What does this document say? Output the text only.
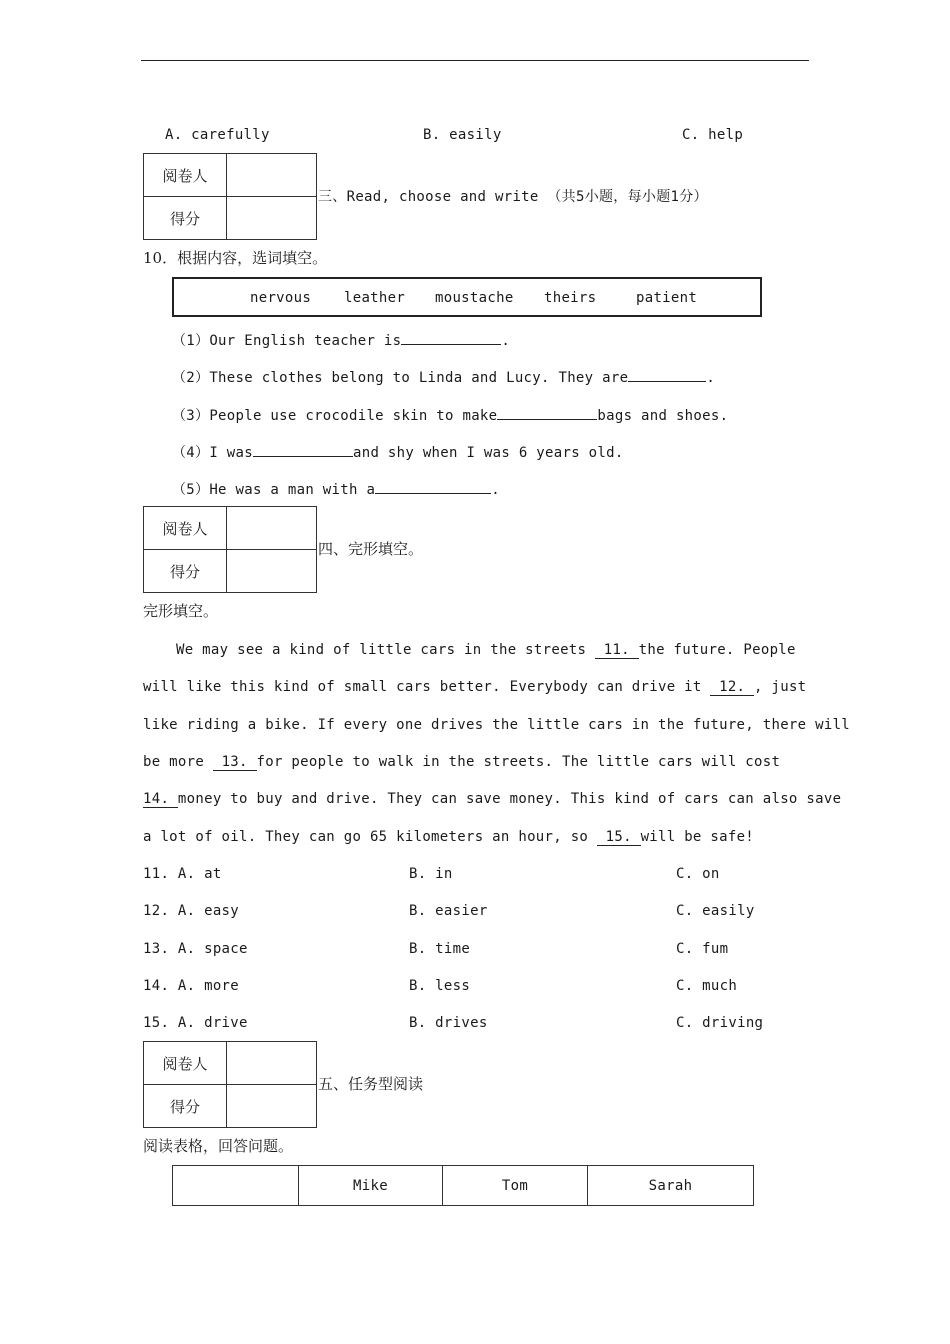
A. carefully	B. easily	C. help
阅卷人	
得分	
三、Read, choose and write （共5小题，每小题1分）
10．根据内容，选词填空。
nervous leather moustache theirs	patient
（1）Our English teacher is	.
（2）These clothes belong to Linda and Lucy. They are	.
（3）People use crocodile skin to make	bags and shoes.
（4）I was	and shy when I was 6 years old.
（5）He was a man with a	.
阅卷人	
得分	
四、完形填空。
完形填空。
We may see a kind of little cars in the streets  11. the future. People
will like this kind of small cars better. Everybody can drive it  12. , just
like riding a bike. If every one drives the little cars in the future, there will
be more  13. for people to walk in the streets. The little cars will cost
14. money to buy and drive. They can save money. This kind of cars can also save
a lot of oil. They can go 65 kilometers an hour, so  15. will be safe!
11. A. at	B. in	C. on
12. A. easy	B. easier	C. easily
13. A. space	B. time	C. fum
14. A. more	B. less	C. much
15. A. drive	B. drives	C. driving
阅卷人	
得分	
五、任务型阅读
阅读表格，回答问题。
	Mike	Tom	Sarah
